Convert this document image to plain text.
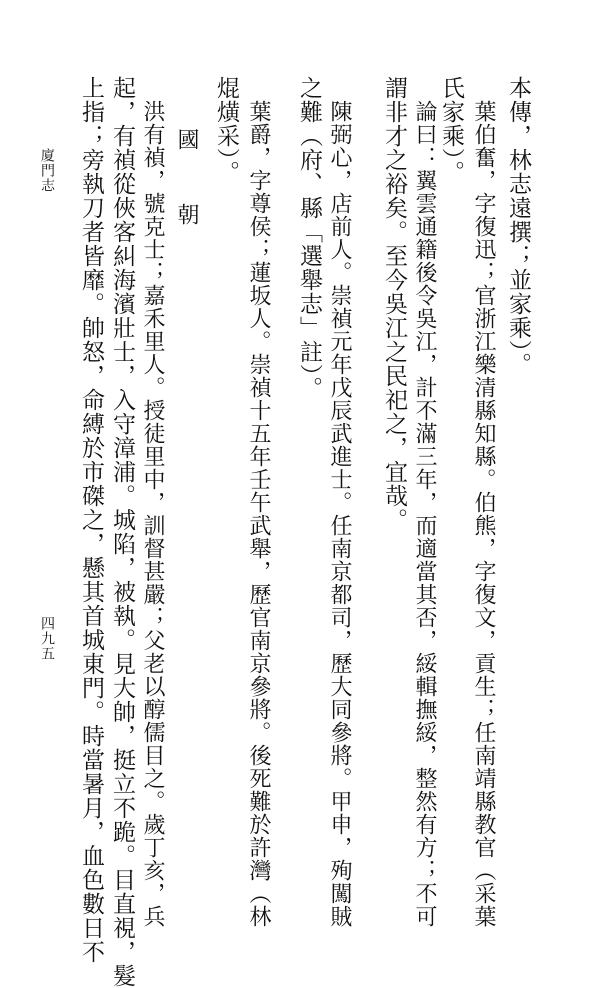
本傳，林志遠撰；並家乘）。
葉伯奮，字復迅；官浙江樂清縣知縣。伯熊，字復文，貢生；任南靖縣教官（采葉
氏家乘）。
論曰：翼雲通籍後令吳江，計不滿三年，而適當其否，綏輯撫綏，整然有方；不可
謂非才之裕矣。至今吳江之民祀之，宜哉。
陳弼心，店前人。崇禎元年戊辰武進士。任南京都司，歷大同參將。甲申，殉闖賊
之難（府、縣「選舉志」註）。
葉爵，字尊侯；蓮坂人。崇禎十五年壬午武舉，歷官南京參將。後死難於許灣（林
焜熿采）。
國 朝
洪有禎，號克士；嘉禾里人。授徒里中，訓督甚嚴；父老以醇儒目之。歲丁亥，兵
起，有禎從俠客糾海濱壯士，入守漳浦。城陷，被執。見大帥，挺立不跪。目直視，髮
上指；旁執刀者皆靡。帥怒，命縛於市磔之，懸其首城東門。時當暑月，血色數日不
廈門志
四九五
